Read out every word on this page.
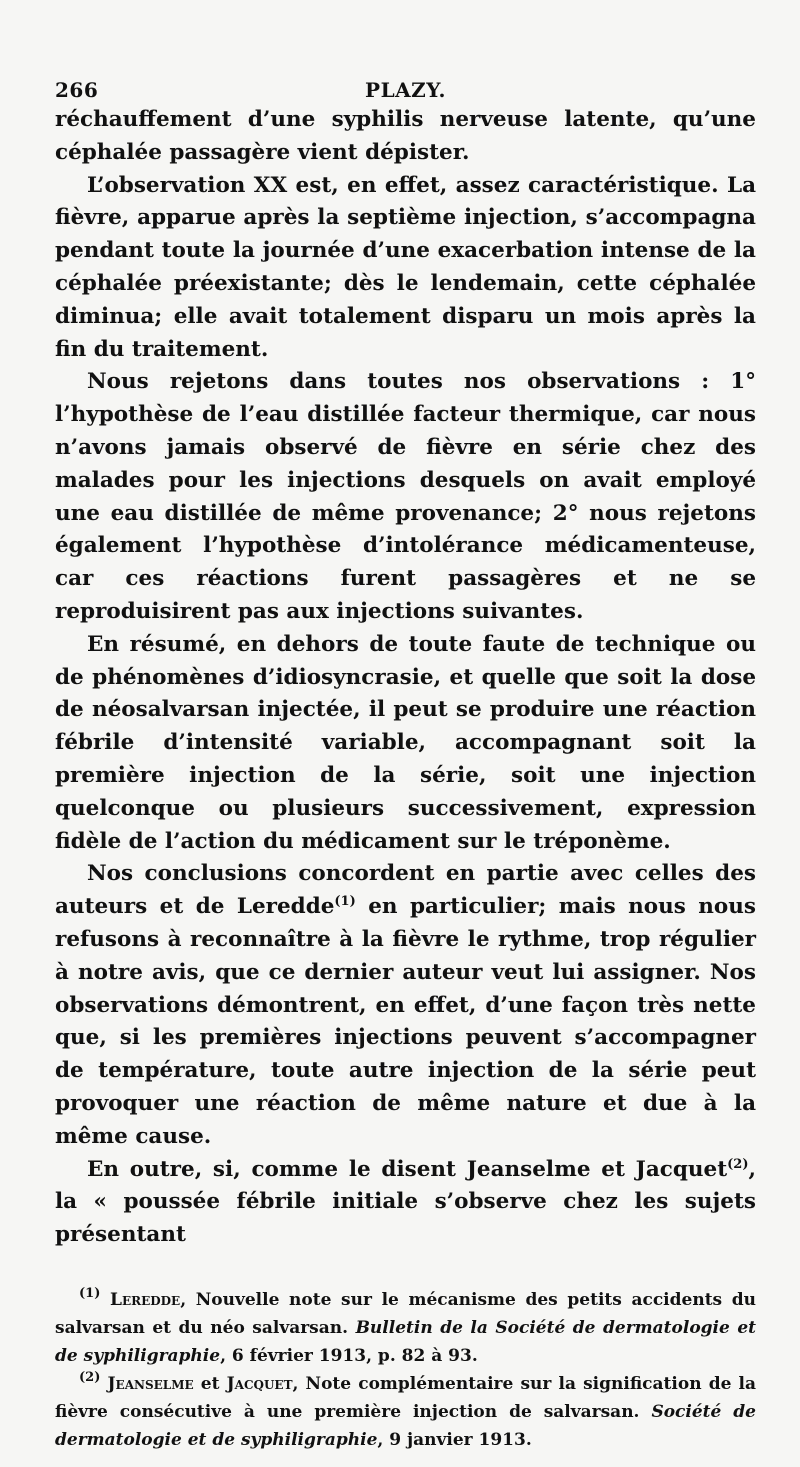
266	PLAZY.

réchauffement d’une syphilis nerveuse latente, qu’une céphalée passagère vient dépister.

L’observation XX est, en effet, assez caractéristique. La fièvre, apparue après la septième injection, s’accompagna pendant toute la journée d’une exacerbation intense de la céphalée préexistante; dès le lendemain, cette céphalée diminua; elle avait totalement disparu un mois après la fin du traitement.

Nous rejetons dans toutes nos observations : 1° l’hypothèse de l’eau distillée facteur thermique, car nous n’avons jamais observé de fièvre en série chez des malades pour les injections desquels on avait employé une eau distillée de même provenance; 2° nous rejetons également l’hypothèse d’intolérance médicamenteuse, car ces réactions furent passagères et ne se reproduisirent pas aux injections suivantes.

En résumé, en dehors de toute faute de technique ou de phénomènes d’idiosyncrasie, et quelle que soit la dose de néosalvarsan injectée, il peut se produire une réaction fébrile d’intensité variable, accompagnant soit la première injection de la série, soit une injection quelconque ou plusieurs successivement, expression fidèle de l’action du médicament sur le tréponème.

Nos conclusions concordent en partie avec celles des auteurs et de Leredde$^{(1)}$ en particulier; mais nous nous refusons à reconnaître à la fièvre le rythme, trop régulier à notre avis, que ce dernier auteur veut lui assigner. Nos observations démontrent, en effet, d’une façon très nette que, si les premières injections peuvent s’accompagner de température, toute autre injection de la série peut provoquer une réaction de même nature et due à la même cause.

En outre, si, comme le disent Jeanselme et Jacquet$^{(2)}$, la « poussée fébrile initiale s’observe chez les sujets présentant

$^{(1)}$ Leredde, Nouvelle note sur le mécanisme des petits accidents du salvarsan et du néo salvarsan. Bulletin de la Société de dermatologie et de syphiligraphie, 6 février 1913, p. 82 à 93.

$^{(2)}$ Jeanselme et Jacquet, Note complémentaire sur la signification de la fièvre consécutive à une première injection de salvarsan. Société de dermatologie et de syphiligraphie, 9 janvier 1913.
